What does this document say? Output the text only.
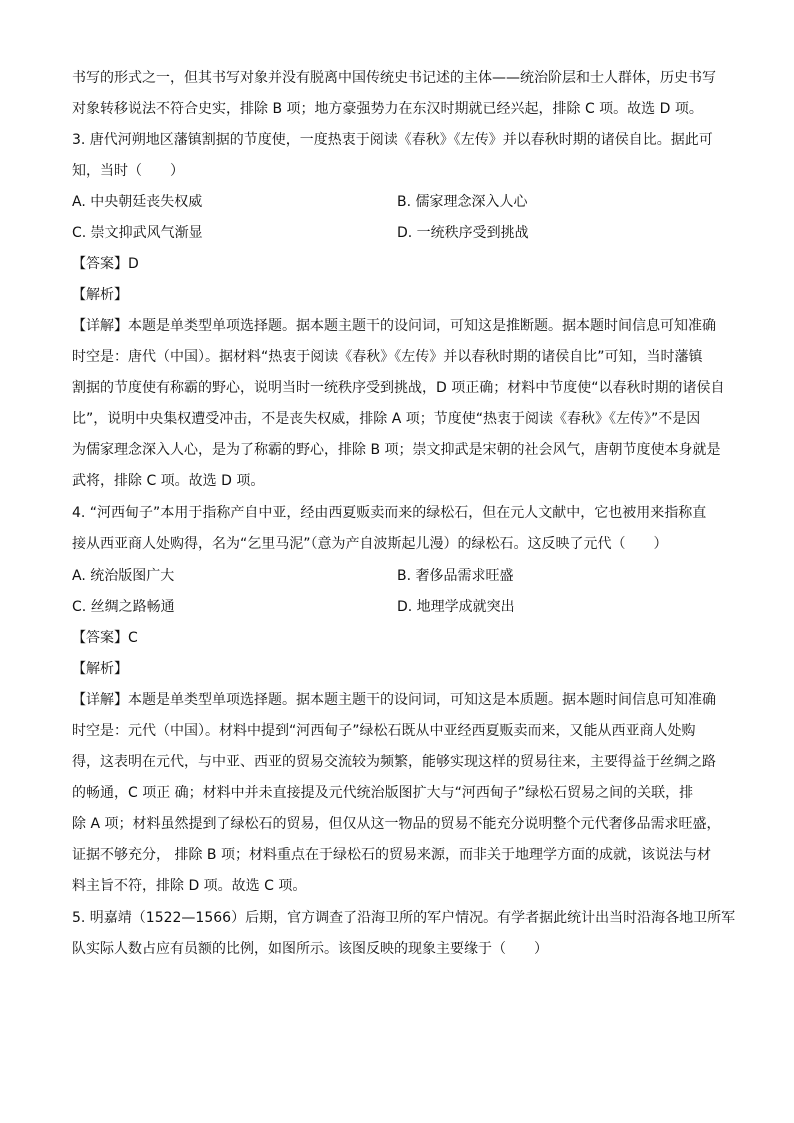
书写的形式之一，但其书写对象并没有脱离中国传统史书记述的主体——统治阶层和士人群体，历史书写
对象转移说法不符合史实，排除 B 项；地方豪强势力在东汉时期就已经兴起，排除 C 项。故选 D 项。
3. 唐代河朔地区藩镇割据的节度使，一度热衷于阅读《春秋》《左传》并以春秋时期的诸侯自比。据此可
知，当时（　　）
A. 中央朝廷丧失权威	B. 儒家理念深入人心
C. 崇文抑武风气渐显	D. 一统秩序受到挑战
【答案】D
【解析】
【详解】本题是单类型单项选择题。据本题主题干的设问词，可知这是推断题。据本题时间信息可知准确
时空是：唐代（中国）。据材料“热衷于阅读《春秋》《左传》并以春秋时期的诸侯自比”可知，当时藩镇
割据的节度使有称霸的野心，说明当时一统秩序受到挑战，D 项正确；材料中节度使“以春秋时期的诸侯自
比”，说明中央集权遭受冲击，不是丧失权威，排除 A 项；节度使“热衷于阅读《春秋》《左传》”不是因
为儒家理念深入人心，是为了称霸的野心，排除 B 项；崇文抑武是宋朝的社会风气，唐朝节度使本身就是
武将，排除 C 项。故选 D 项。
4. “河西甸子”本用于指称产自中亚，经由西夏贩卖而来的绿松石，但在元人文献中，它也被用来指称直
接从西亚商人处购得，名为“乞里马泥”（意为产自波斯起儿漫）的绿松石。这反映了元代（　　）
A. 统治版图广大	B. 奢侈品需求旺盛
C. 丝绸之路畅通	D. 地理学成就突出
【答案】C
【解析】
【详解】本题是单类型单项选择题。据本题主题干的设问词，可知这是本质题。据本题时间信息可知准确
时空是：元代（中国）。材料中提到“河西甸子”绿松石既从中亚经西夏贩卖而来，又能从西亚商人处购
得，这表明在元代，与中亚、西亚的贸易交流较为频繁，能够实现这样的贸易往来，主要得益于丝绸之路
的畅通，C 项正 确；材料中并未直接提及元代统治版图扩大与“河西甸子”绿松石贸易之间的关联，排
除 A 项；材料虽然提到了绿松石的贸易，但仅从这一物品的贸易不能充分说明整个元代奢侈品需求旺盛，
证据不够充分， 排除 B 项；材料重点在于绿松石的贸易来源，而非关于地理学方面的成就，该说法与材
料主旨不符，排除 D 项。故选 C 项。
5. 明嘉靖（1522—1566）后期，官方调查了沿海卫所的军户情况。有学者据此统计出当时沿海各地卫所军
队实际人数占应有员额的比例，如图所示。该图反映的现象主要缘于（　　）
